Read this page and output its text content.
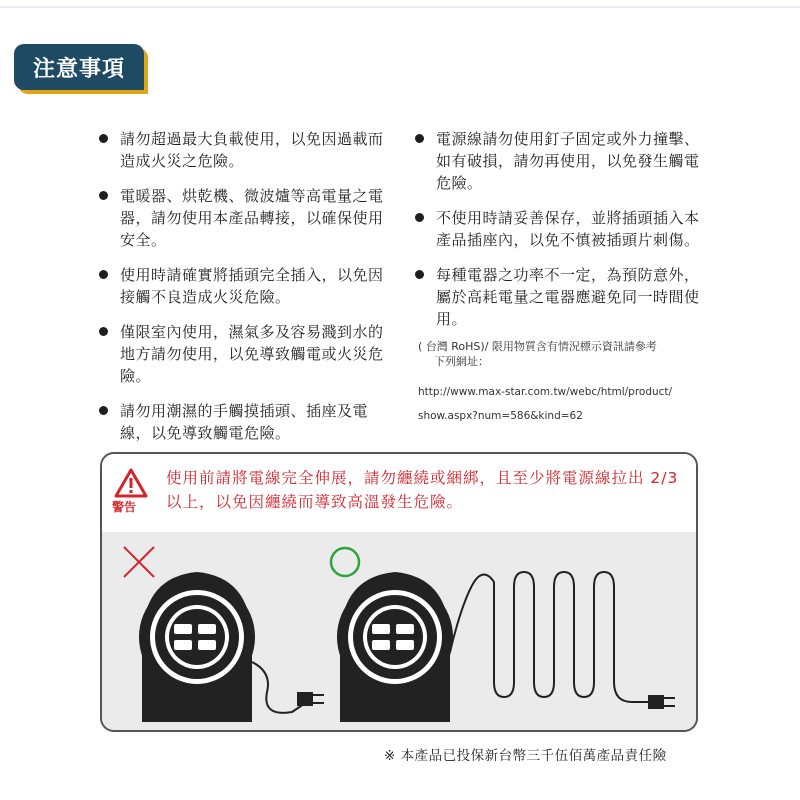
注意事項
請勿超過最大負載使用，以免因過載而造成火災之危險。
電暖器、烘乾機、微波爐等高電量之電器，請勿使用本產品轉接，以確保使用安全。
使用時請確實將插頭完全插入，以免因接觸不良造成火災危險。
僅限室內使用，濕氣多及容易濺到水的地方請勿使用，以免導致觸電或火災危險。
請勿用潮濕的手觸摸插頭、插座及電線，以免導致觸電危險。
電源線請勿使用釘子固定或外力撞擊、如有破損，請勿再使用，以免發生觸電危險。
不使用時請妥善保存，並將插頭插入本產品插座內，以免不慎被插頭片刺傷。
每種電器之功率不一定，為預防意外，屬於高耗電量之電器應避免同一時間使用。
( 台灣 RoHS)/ 限用物質含有情況標示資訊請參考
下列網址：
http://www.max-star.com.tw/webc/html/product/
show.aspx?num=586&kind=62
警告
使用前請將電線完全伸展，請勿纏繞或綑綁，且至少將電源線拉出 2/3 以上，以免因纏繞而導致高溫發生危險。
※ 本產品已投保新台幣三千伍佰萬產品責任險
